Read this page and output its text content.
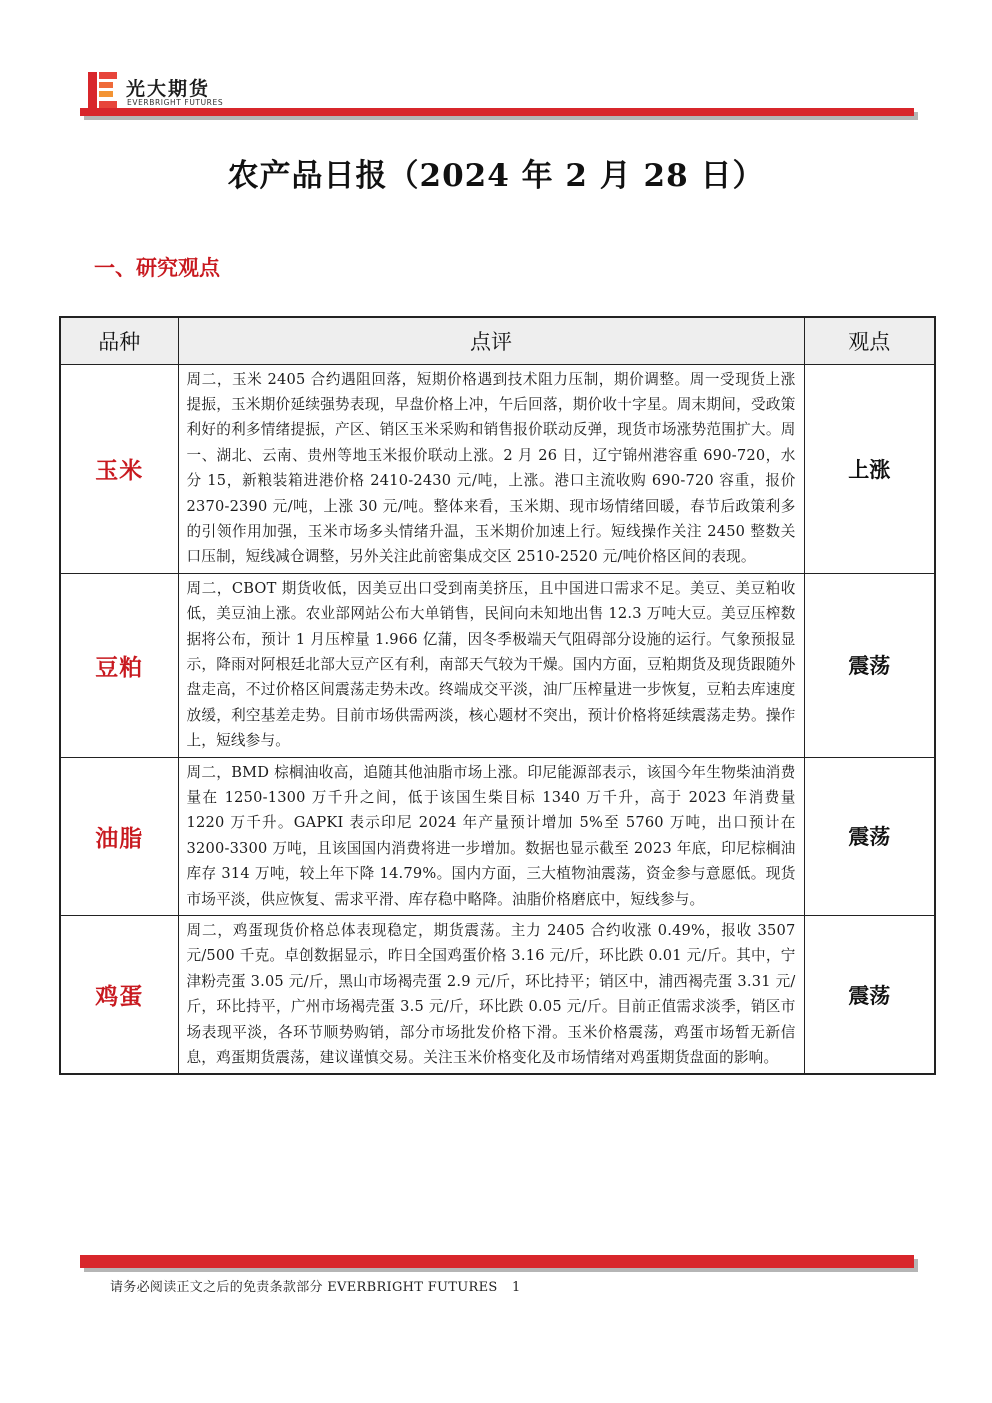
光大期货
EVERBRIGHT FUTURES
农产品日报（2024 年 2 月 28 日）
一、研究观点
品种	点评	观点
玉米	周二，玉米 2405 合约遇阻回落，短期价格遇到技术阻力压制，期价调整。周一受现货上涨提振，玉米期价延续强势表现，早盘价格上冲，午后回落，期价收十字星。周末期间，受政策利好的利多情绪提振，产区、销区玉米采购和销售报价联动反弹，现货市场涨势范围扩大。周一、湖北、云南、贵州等地玉米报价联动上涨。2 月 26 日，辽宁锦州港容重 690-720，水分 15，新粮装箱进港价格 2410-2430 元/吨，上涨。港口主流收购 690-720 容重，报价 2370-2390 元/吨，上涨 30 元/吨。整体来看，玉米期、现市场情绪回暖，春节后政策利多的引领作用加强，玉米市场多头情绪升温，玉米期价加速上行。短线操作关注 2450 整数关口压制，短线减仓调整，另外关注此前密集成交区 2510-2520 元/吨价格区间的表现。	上涨
豆粕	周二，CBOT 期货收低，因美豆出口受到南美挤压，且中国进口需求不足。美豆、美豆粕收低，美豆油上涨。农业部网站公布大单销售，民间向未知地出售 12.3 万吨大豆。美豆压榨数据将公布，预计 1 月压榨量 1.966 亿蒲，因冬季极端天气阻碍部分设施的运行。气象预报显示，降雨对阿根廷北部大豆产区有利，南部天气较为干燥。国内方面，豆粕期货及现货跟随外盘走高，不过价格区间震荡走势未改。终端成交平淡，油厂压榨量进一步恢复，豆粕去库速度放缓，利空基差走势。目前市场供需两淡，核心题材不突出，预计价格将延续震荡走势。操作上，短线参与。	震荡
油脂	周二，BMD 棕榈油收高，追随其他油脂市场上涨。印尼能源部表示，该国今年生物柴油消费量在 1250-1300 万千升之间，低于该国生柴目标 1340 万千升，高于 2023 年消费量 1220 万千升。GAPKI 表示印尼 2024 年产量预计增加 5%至 5760 万吨，出口预计在 3200-3300 万吨，且该国国内消费将进一步增加。数据也显示截至 2023 年底，印尼棕榈油库存 314 万吨，较上年下降 14.79%。国内方面，三大植物油震荡，资金参与意愿低。现货市场平淡，供应恢复、需求平滑、库存稳中略降。油脂价格磨底中，短线参与。	震荡
鸡蛋	周二，鸡蛋现货价格总体表现稳定，期货震荡。主力 2405 合约收涨 0.49%，报收 3507 元/500 千克。卓创数据显示，昨日全国鸡蛋价格 3.16 元/斤，环比跌 0.01 元/斤。其中，宁津粉壳蛋 3.05 元/斤，黑山市场褐壳蛋 2.9 元/斤，环比持平；销区中，浦西褐壳蛋 3.31 元/斤，环比持平，广州市场褐壳蛋 3.5 元/斤，环比跌 0.05 元/斤。目前正值需求淡季，销区市场表现平淡，各环节顺势购销，部分市场批发价格下滑。玉米价格震荡，鸡蛋市场暂无新信息，鸡蛋期货震荡，建议谨慎交易。关注玉米价格变化及市场情绪对鸡蛋期货盘面的影响。	震荡
请务必阅读正文之后的免责条款部分 EVERBRIGHT FUTURES 1
